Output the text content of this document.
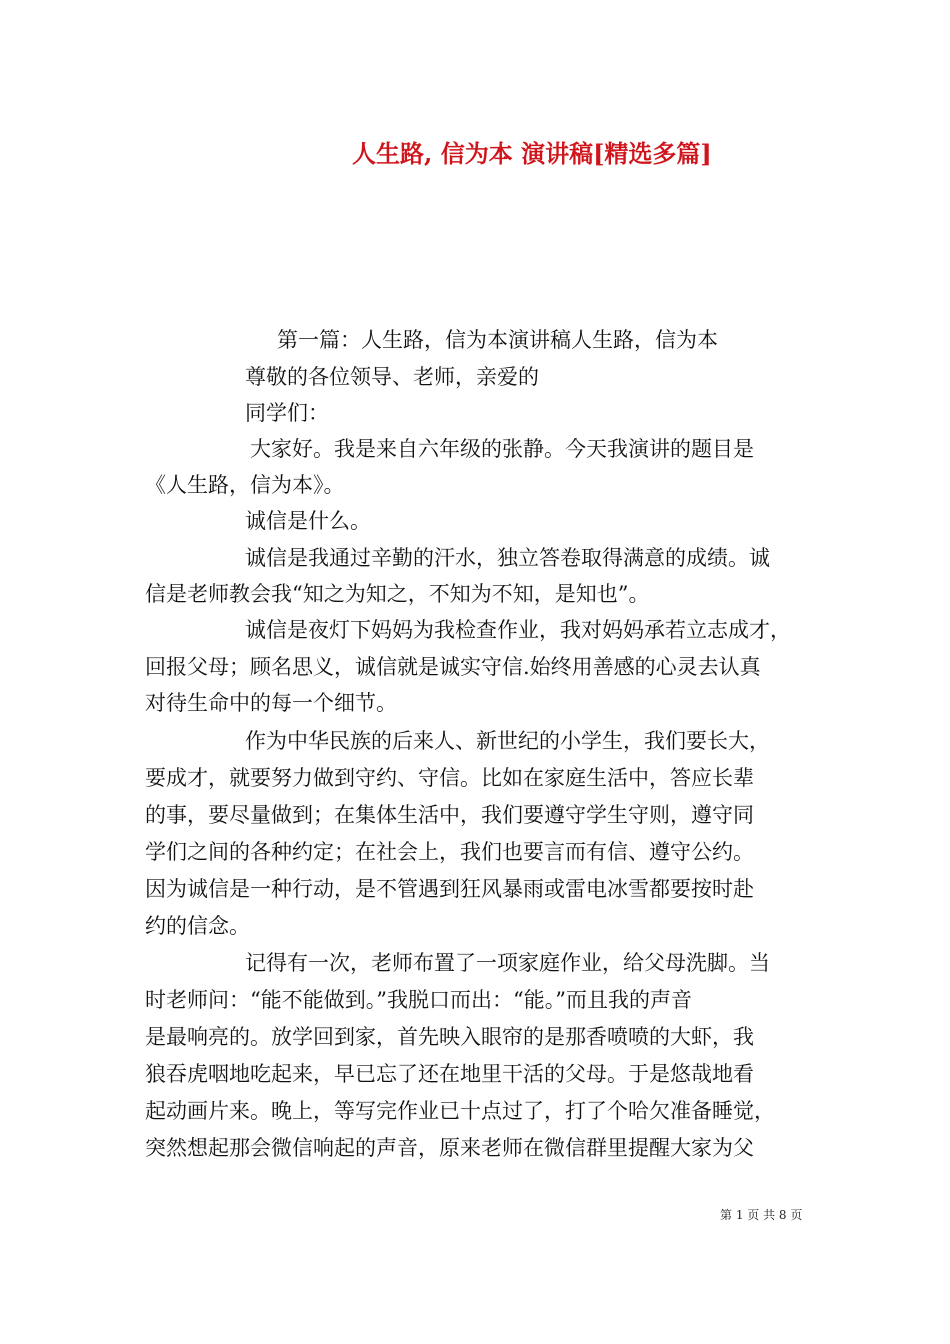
人生路, 信为本 演讲稿[精选多篇]
第一篇：人生路，信为本演讲稿人生路，信为本
尊敬的各位领导、老师，亲爱的
同学们：
大家好。我是来自六年级的张静。今天我演讲的题目是
《人生路，信为本》。
诚信是什么。
诚信是我通过辛勤的汗水，独立答卷取得满意的成绩。诚
信是老师教会我“知之为知之，不知为不知，是知也”。
诚信是夜灯下妈妈为我检查作业，我对妈妈承若立志成才，
回报父母；顾名思义，诚信就是诚实守信.始终用善感的心灵去认真
对待生命中的每一个细节。
作为中华民族的后来人、新世纪的小学生，我们要长大，
要成才，就要努力做到守约、守信。比如在家庭生活中，答应长辈
的事，要尽量做到；在集体生活中，我们要遵守学生守则，遵守同
学们之间的各种约定；在社会上，我们也要言而有信、遵守公约。
因为诚信是一种行动，是不管遇到狂风暴雨或雷电冰雪都要按时赴
约的信念。
记得有一次，老师布置了一项家庭作业，给父母洗脚。当
时老师问：“能不能做到。”我脱口而出：“能。”而且我的声音
是最响亮的。放学回到家，首先映入眼帘的是那香喷喷的大虾，我
狼吞虎咽地吃起来，早已忘了还在地里干活的父母。于是悠哉地看
起动画片来。晚上，等写完作业已十点过了，打了个哈欠准备睡觉，
突然想起那会微信响起的声音，原来老师在微信群里提醒大家为父
第 1 页 共 8 页
